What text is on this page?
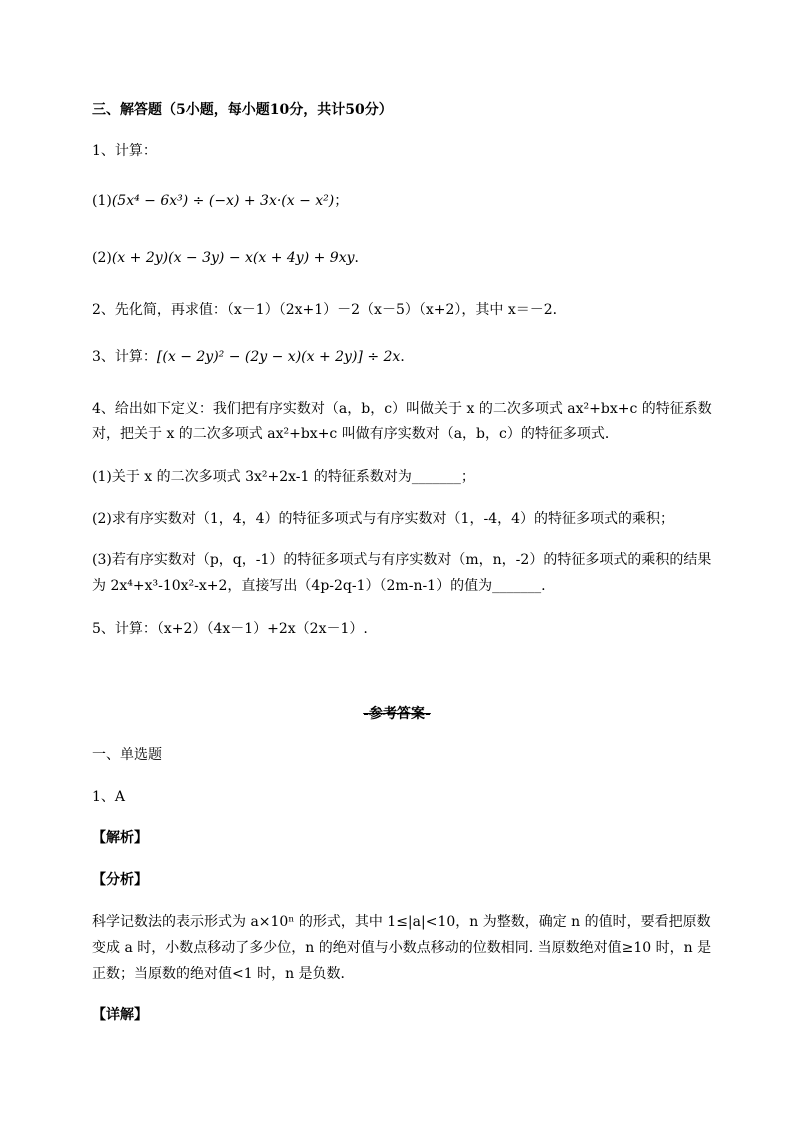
三、解答题（5小题，每小题10分，共计50分）
1、计算：
(1)(5x⁴ − 6x³) ÷ (−x) + 3x·(x − x²)；
(2)(x + 2y)(x − 3y) − x(x + 4y) + 9xy．
2、先化简，再求值：（x－1）（2x+1）－2（x－5）（x+2），其中 x＝－2．
3、计算：[(x − 2y)² − (2y − x)(x + 2y)] ÷ 2x．
4、给出如下定义：我们把有序实数对（a，b，c）叫做关于 x 的二次多项式 ax²+bx+c 的特征系数
对，把关于 x 的二次多项式 ax²+bx+c 叫做有序实数对（a，b，c）的特征多项式．
(1)关于 x 的二次多项式 3x²+2x-1 的特征系数对为_______；
(2)求有序实数对（1，4，4）的特征多项式与有序实数对（1，-4，4）的特征多项式的乘积；
(3)若有序实数对（p，q，-1）的特征多项式与有序实数对（m，n，-2）的特征多项式的乘积的结果
为 2x⁴+x³-10x²-x+2，直接写出（4p-2q-1）（2m-n-1）的值为_______.
5、计算：（x+2）（4x－1）+2x（2x－1）.
-参考答案-
一、单选题
1、A
【解析】
【分析】
科学记数法的表示形式为 a×10ⁿ 的形式，其中 1≤|a|<10，n 为整数，确定 n 的值时，要看把原数
变成 a 时，小数点移动了多少位，n 的绝对值与小数点移动的位数相同. 当原数绝对值≥10 时，n 是
正数；当原数的绝对值<1 时，n 是负数．
【详解】
